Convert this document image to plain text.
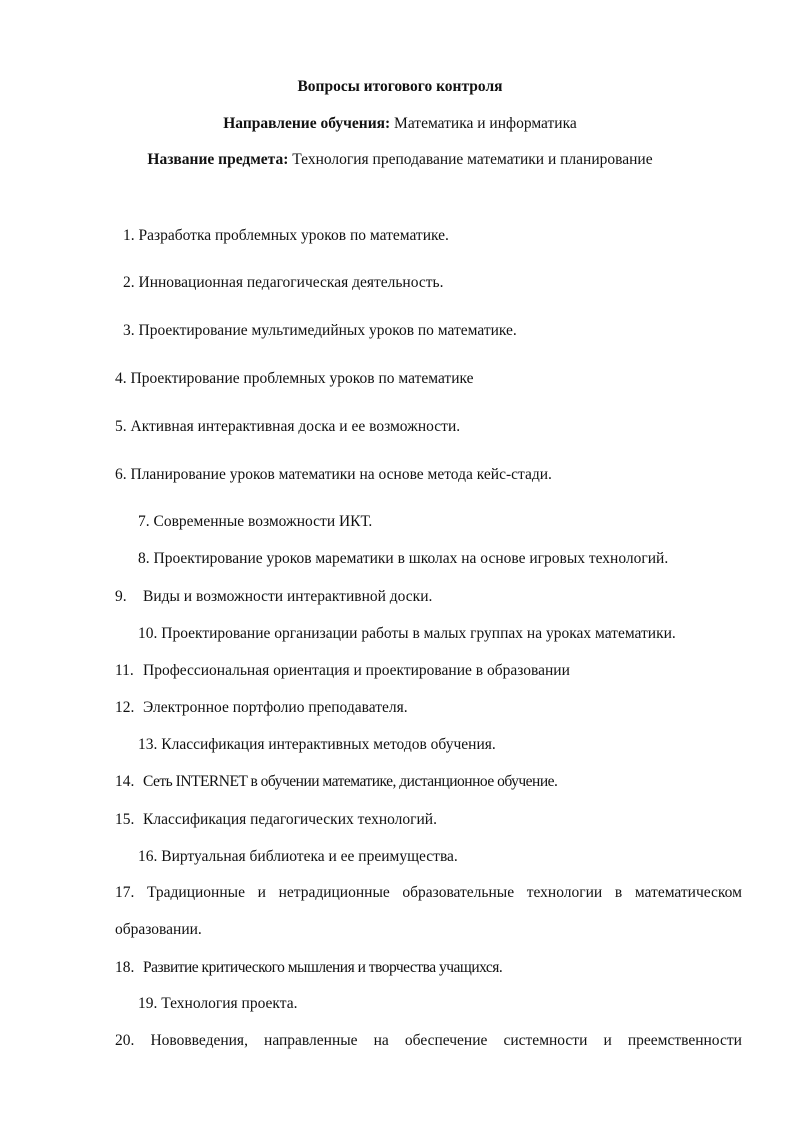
Вопросы итогового контроля
Направление обучения: Математика и информатика
Название предмета: Технология преподавание математики и планирование
1. Разработка проблемных уроков по математике.
2. Инновационная педагогическая деятельность.
3. Проектирование мультимедийных уроков по математике.
4. Проектирование проблемных уроков по математике
5. Активная интерактивная доска и ее возможности.
6. Планирование уроков математики на основе метода кейс-стади.
7. Современные возможности ИКТ.
8. Проектирование уроков марематики в школах на основе игровых технологий.
9. Виды и возможности интерактивной доски.
10. Проектирование организации работы в малых группах на уроках математики.
11. Профессиональная ориентация и проектирование в образовании
12. Электронное портфолио преподавателя.
13. Классификация интерактивных методов обучения.
14. Сеть INTERNET в обучении математике, дистанционное обучение.
15. Классификация педагогических технологий.
16. Виртуальная библиотека и ее преимущества.
17. Традиционные и нетрадиционные образовательные технологии в математическом
образовании.
18. Развитие критического мышления и творчества учащихся.
19. Технология проекта.
20. Нововведения, направленные на обеспечение системности и преемственности
